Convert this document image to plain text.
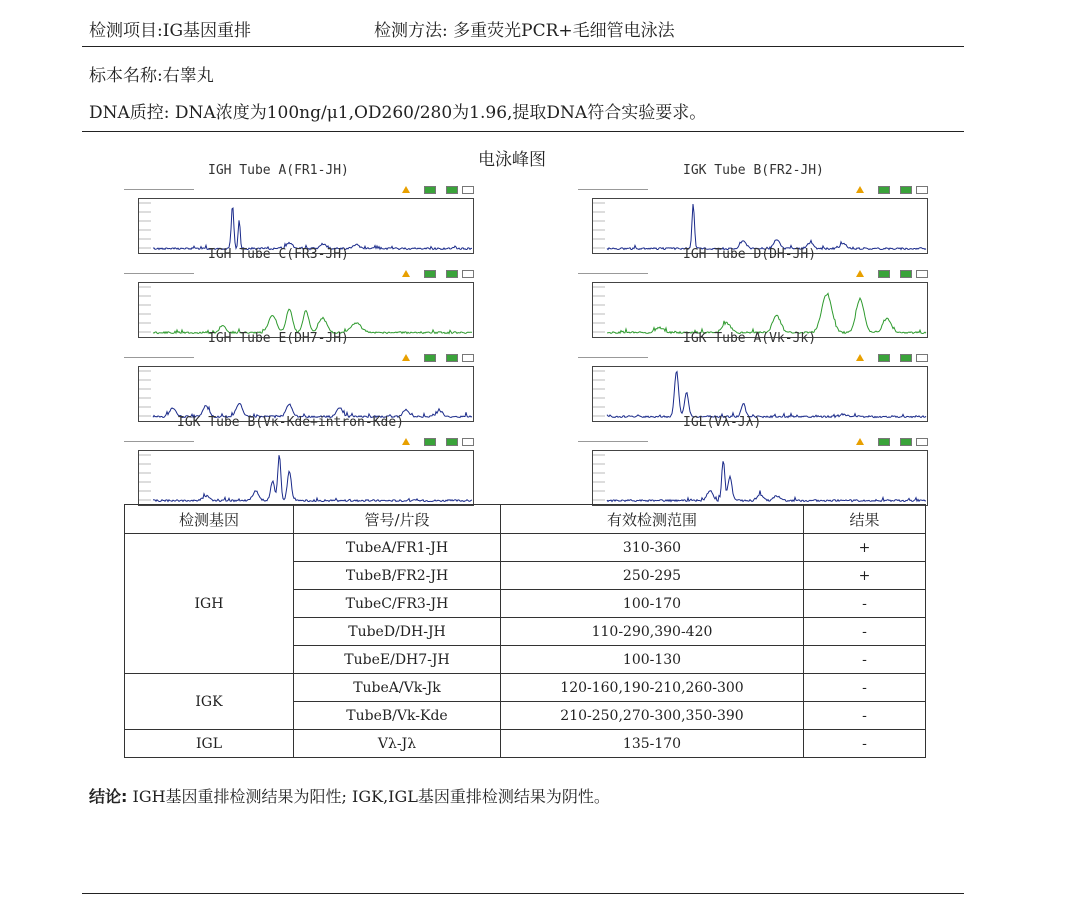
检测项目:IG基因重排	检测方法: 多重荧光PCR+毛细管电泳法
标本名称:右睾丸
DNA质控: DNA浓度为100ng/μ1,OD260/280为1.96,提取DNA符合实验要求。
电泳峰图
检测基因	管号/片段	有效检测范围	结果
IGH	TubeA/FR1-JH	310-360	+
	TubeB/FR2-JH	250-295	+
	TubeC/FR3-JH	100-170	-
	TubeD/DH-JH	110-290,390-420	-
	TubeE/DH7-JH	100-130	-
IGK	TubeA/Vk-Jk	120-160,190-210,260-300	-
	TubeB/Vk-Kde	210-250,270-300,350-390	-
IGL	Vλ-Jλ	135-170	-
结论: IGH基因重排检测结果为阳性; IGK,IGL基因重排检测结果为阴性。
IGH Tube A(FR1-JH)	IGK Tube B(FR2-JH)
IGH Tube C(FR3-JH)	IGH Tube D(DH-JH)
IGH Tube E(DH7-JH)	IGK Tube A(Vk-Jk)
IGK Tube B(Vκ-Kde+intron-Kde)	IGL(Vλ-Jλ)
